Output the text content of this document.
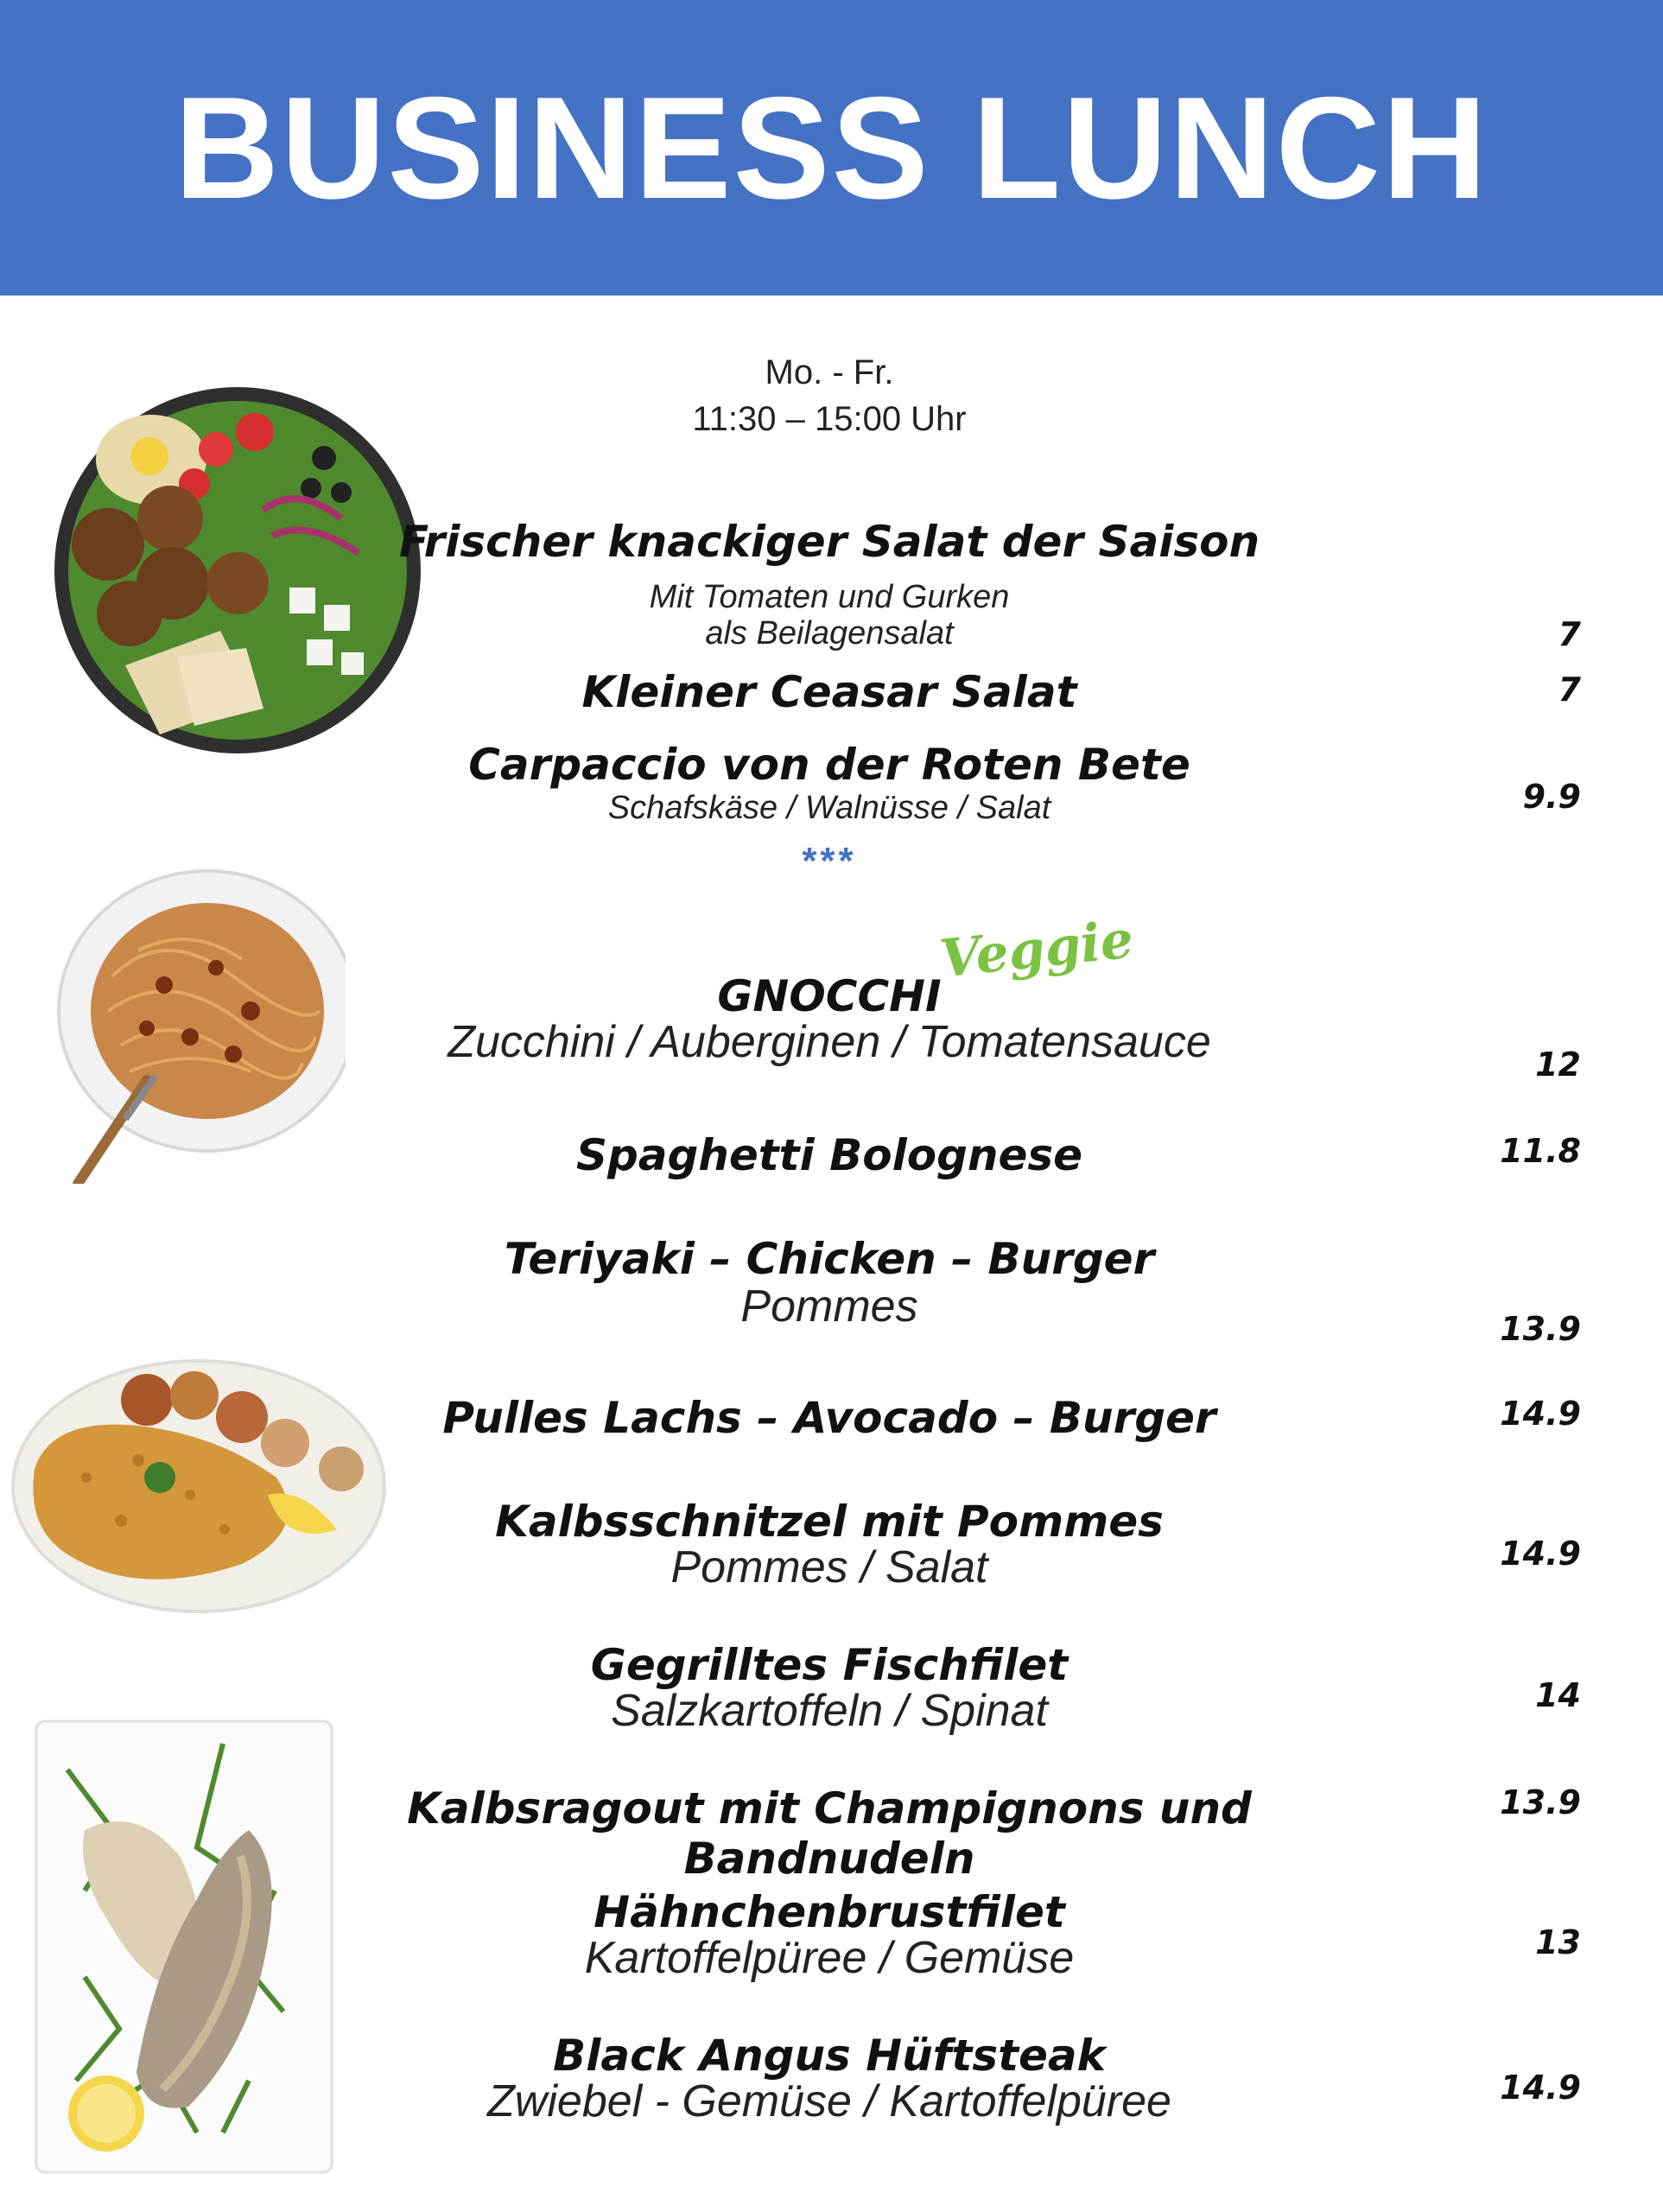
BUSINESS LUNCH
Mo. - Fr.
11:30 – 15:00 Uhr
Frischer knackiger Salat der Saison
Mit Tomaten und Gurken
als Beilagensalat	7
Kleiner Ceasar Salat	7
Carpaccio von der Roten Bete
Schafskäse / Walnüsse / Salat	9.9
***
Veggie
GNOCCHI
Zucchini / Auberginen / Tomatensauce	12
Spaghetti Bolognese	11.8
Teriyaki – Chicken – Burger
Pommes	13.9
Pulles Lachs – Avocado – Burger	14.9
Kalbsschnitzel mit Pommes
Pommes / Salat	14.9
Gegrilltes Fischfilet
Salzkartoffeln / Spinat	14
Kalbsragout mit Champignons und Bandnudeln
13.9
Hähnchenbrustfilet
Kartoffelpüree / Gemüse	13
Black Angus Hüftsteak
Zwiebel - Gemüse / Kartoffelpüree	14.9
